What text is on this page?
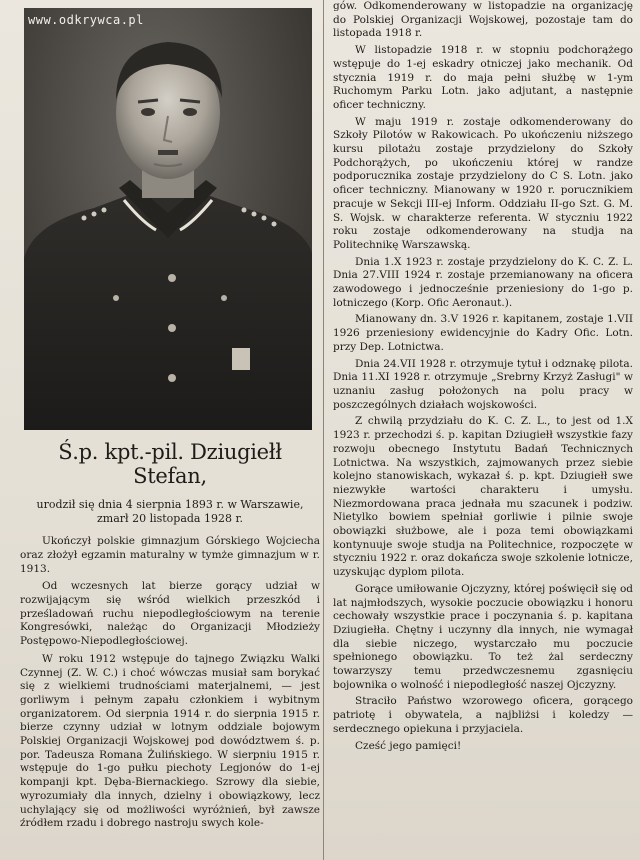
www.odkrywca.pl
Ś.p. kpt.-pil. Dziugiełł Stefan,

urodził się dnia 4 sierpnia 1893 r. w Warszawie, zmarł 20 listopada 1928 r.

Ukończył polskie gimnazjum Górskiego Wojciecha oraz złożył egzamin maturalny w tymże gimnazjum w r. 1913.

Od wczesnych lat bierze gorący udział w rozwijającym się wśród wielkich przeszkód i prześladowań ruchu niepodległościowym na terenie Kongresówki, należąc do Organizacji Młodzieży Postępowo-Niepodległościowej.

W roku 1912 wstępuje do tajnego Związku Walki Czynnej (Z. W. C.) i choć wówczas musiał sam borykać się z wielkiemi trudnościami materjalnemi, — jest gorliwym i pełnym zapału członkiem i wybitnym organizatorem. Od sierpnia 1914 r. do sierpnia 1915 r. bierze czynny udział w lotnym oddziale bojowym Polskiej Organizacji Wojskowej pod dowództwem ś. p. por. Tadeusza Romana Żulińskiego. W sierpniu 1915 r. wstępuje do 1-go pułku piechoty Legjonów do 1-ej kompanji kpt. Dęba-Biernackiego. Szrowy dla siebie, wyrozumiały dla innych, dzielny i obowiązkowy, lecz uchylający się od możliwości wyróżnień, był zawsze źródłem rzadu i dobrego nastroju swych kole-

gów. Odkomenderowany w listopadzie na organizację do Polskiej Organizacji Wojskowej, pozostaje tam do listopada 1918 r.

W listopadzie 1918 r. w stopniu podchorążego wstępuje do 1-ej eskadry otniczej jako mechanik. Od stycznia 1919 r. do maja pełni służbę w 1-ym Ruchomym Parku Lotn. jako adjutant, a następnie oficer techniczny.

W maju 1919 r. zostaje odkomenderowany do Szkoły Pilotów w Rakowicach. Po ukończeniu niższego kursu pilotażu zostaje przydzielony do Szkoły Podchorążych, po ukończeniu której w randze podporucznika zostaje przydzielony do C S. Lotn. jako oficer techniczny. Mianowany w 1920 r. porucznikiem pracuje w Sekcji III-ej Inform. Oddziału II-go Szt. G. M. S. Wojsk. w charakterze referenta. W styczniu 1922 roku zostaje odkomenderowany na studja na Politechnikę Warszawską.

Dnia 1.X 1923 r. zostaje przydzielony do K. C. Z. L. Dnia 27.VIII 1924 r. zostaje przemianowany na oficera zawodowego i jednocześnie przeniesiony do 1-go p. lotniczego (Korp. Ofic Aeronaut.).

Mianowany dn. 3.V 1926 r. kapitanem, zostaje 1.VII 1926 przeniesiony ewidencyjnie do Kadry Ofic. Lotn. przy Dep. Lotnictwa.

Dnia 24.VII 1928 r. otrzymuje tytuł i odznakę pilota. Dnia 11.XI 1928 r. otrzymuje „Srebrny Krzyż Zasługi" w uznaniu zasług położonych na polu pracy w poszczególnych działach wojskowości.

Z chwilą przydziału do K. C. Z. L., to jest od 1.X 1923 r. przechodzi ś. p. kapitan Dziugiełł wszystkie fazy rozwoju obecnego Instytutu Badań Technicznych Lotnictwa. Na wszystkich, zajmowanych przez siebie kolejno stanowiskach, wykazał ś. p. kpt. Dziugiełł swe niezwykłe wartości charakteru i umysłu. Niezmordowana praca jednała mu szacunek i podziw. Nietylko bowiem spełniał gorliwie i pilnie swoje obowiązki służbowe, ale i poza temi obowiązkami kontynuuje swoje studja na Politechnice, rozpoczęte w styczniu 1922 r. oraz dokańcza swoje szkolenie lotnicze, uzyskując dyplom pilota.

Gorące umiłowanie Ojczyzny, której poświęcił się od lat najmłodszych, wysokie poczucie obowiązku i honoru cechowały wszystkie prace i poczynania ś. p. kapitana Dziugiełła. Chętny i uczynny dla innych, nie wymagał dla siebie niczego, wystarczało mu poczucie spełnionego obowiązku. To też żal serdeczny towarzyszy temu przedwczesnemu zgasnięciu bojownika o wolność i niepodległość naszej Ojczyzny.

Straciło Państwo wzorowego oficera, gorącego patriotę i obywatela, a najbliżsi i koledzy — serdecznego opiekuna i przyjaciela.

Cześć jego pamięci!
